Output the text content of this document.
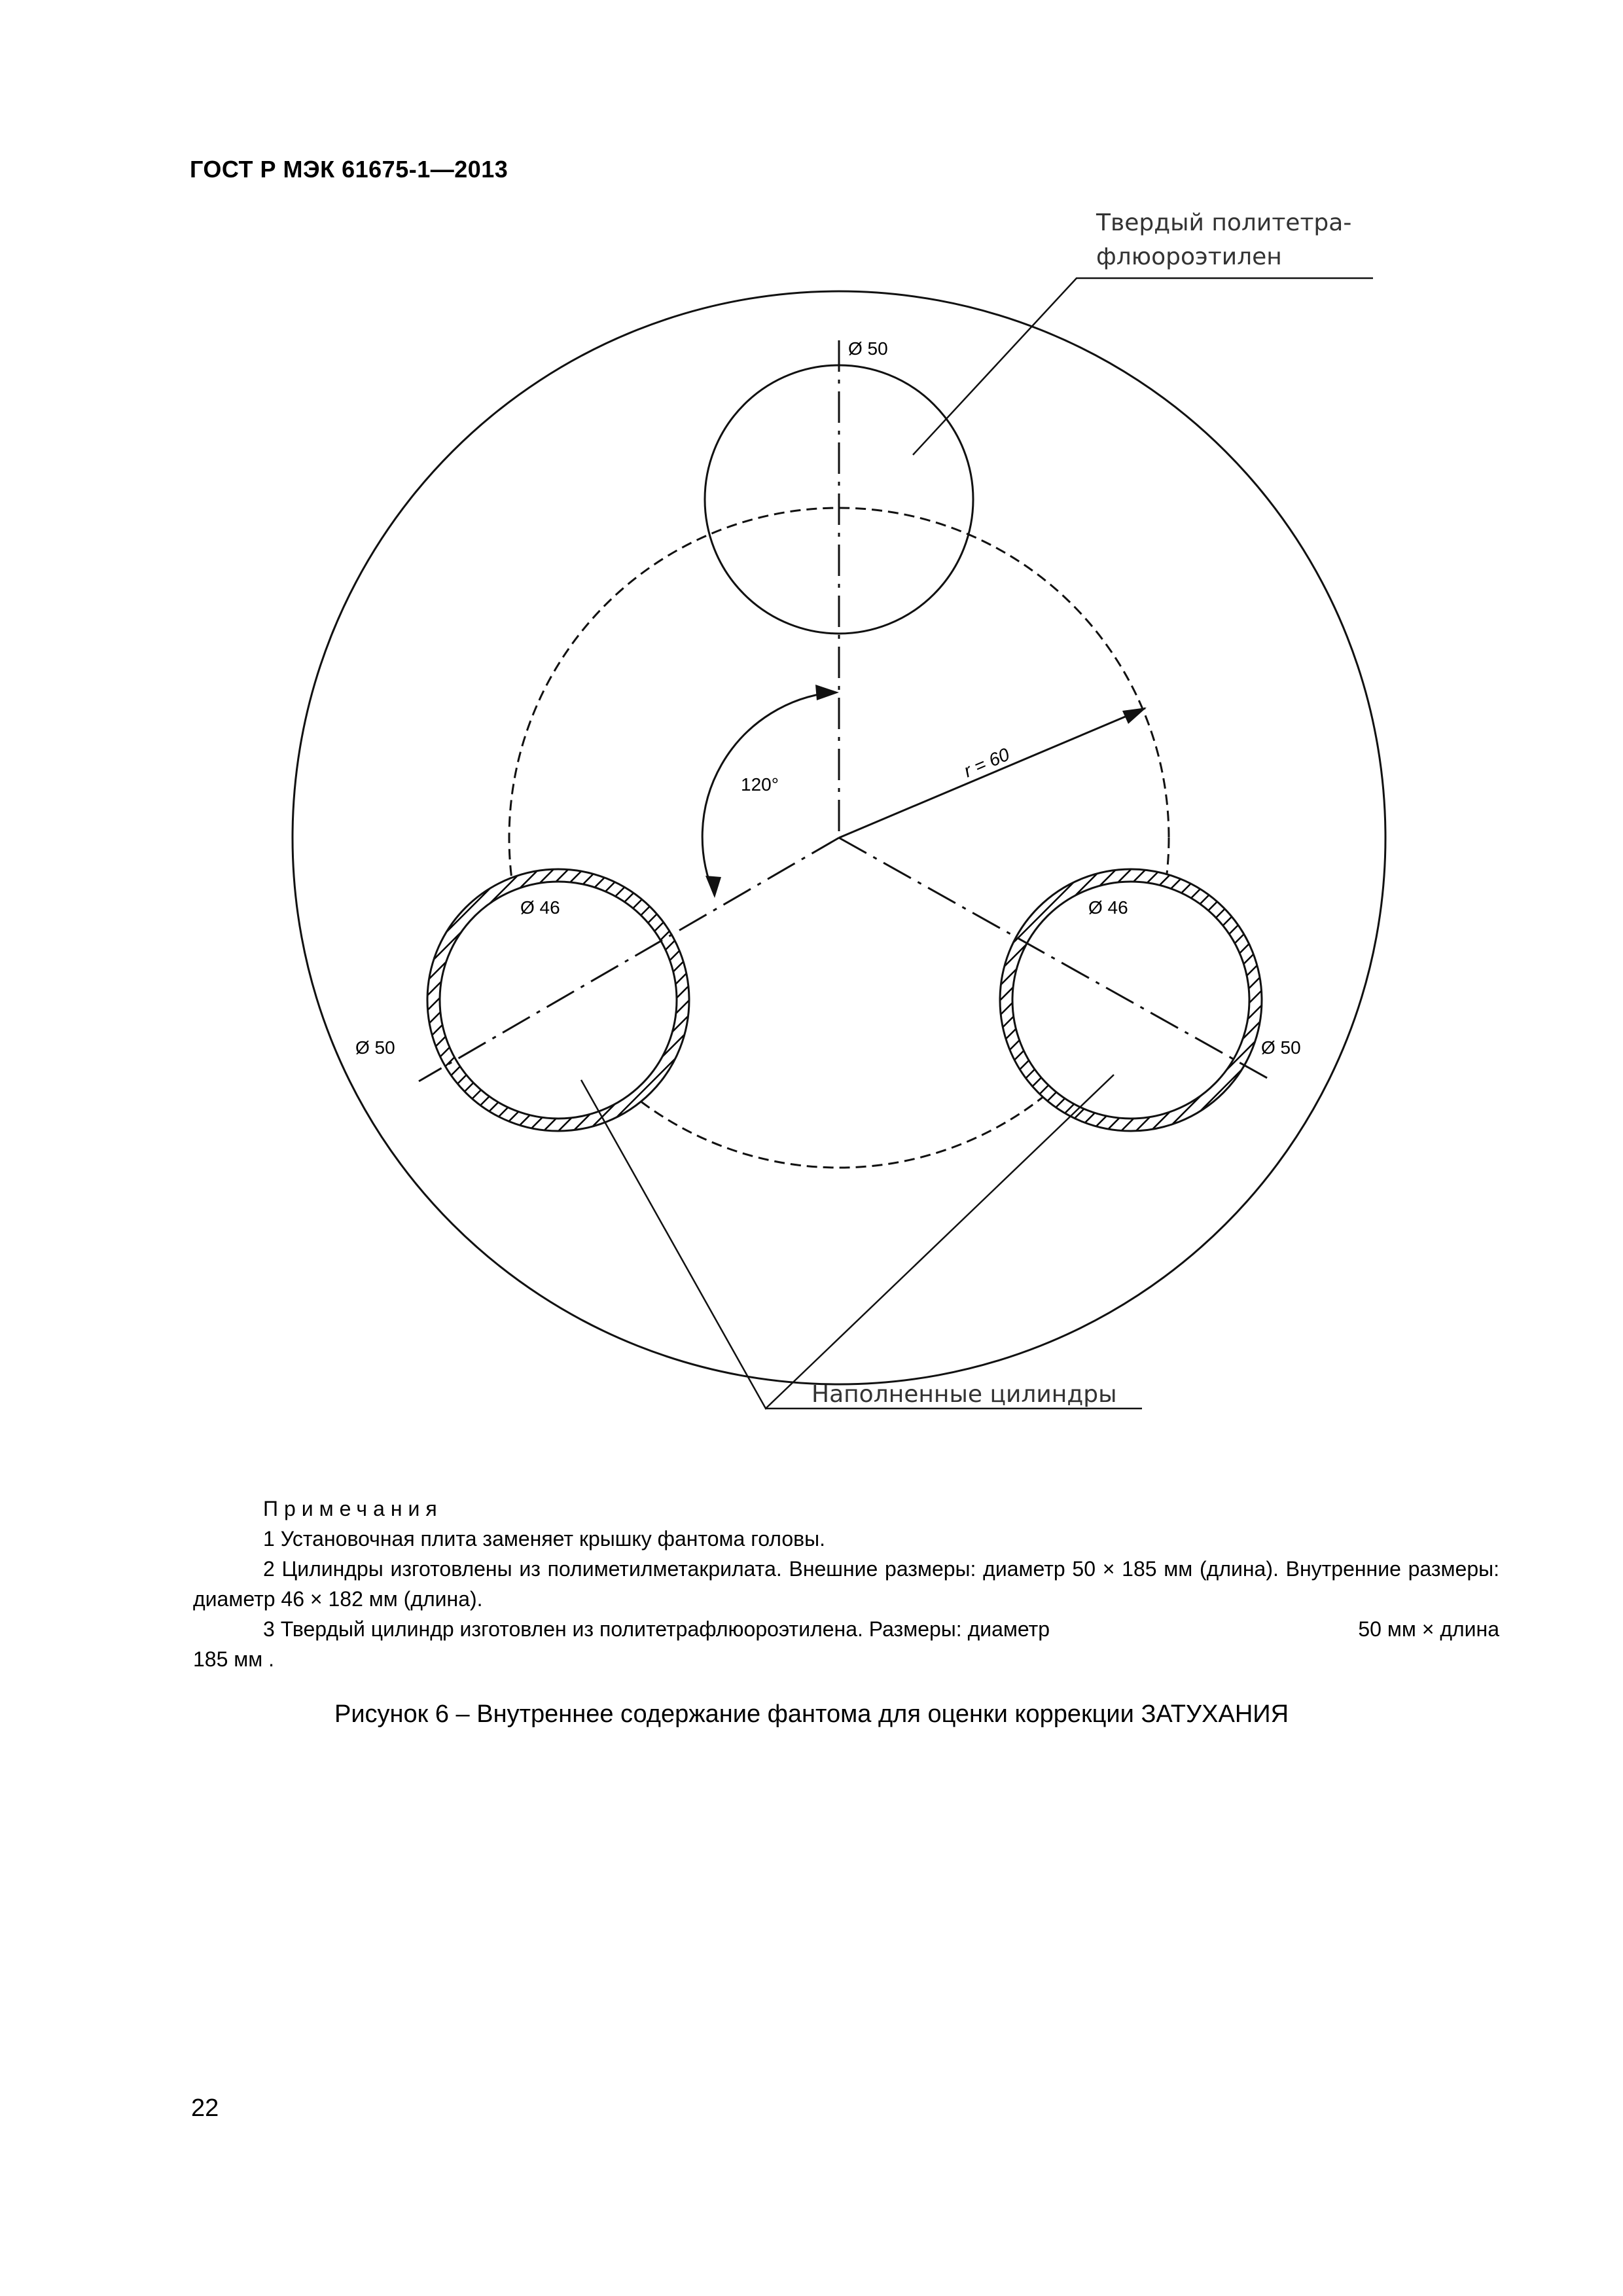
ГОСТ Р МЭК 61675-1—2013
Твердый политетра-
флюороэтилен
Наполненные цилиндры
Ø 50
Ø 46	Ø 46
Ø 50	Ø 50
120°
r = 60
Примечания
1 Установочная плита заменяет крышку фантома головы.
2 Цилиндры изготовлены из полиметилметакрилата. Внешние размеры: диаметр 50 × 185 мм (длина). Внутренние размеры: диаметр 46 × 182 мм (длина).
3 Твердый цилиндр изготовлен из политетрафлюороэтилена. Размеры: диаметр	50 мм × длина
185 мм .
Рисунок 6 – Внутреннее содержание фантома для оценки коррекции ЗАТУХАНИЯ
22
